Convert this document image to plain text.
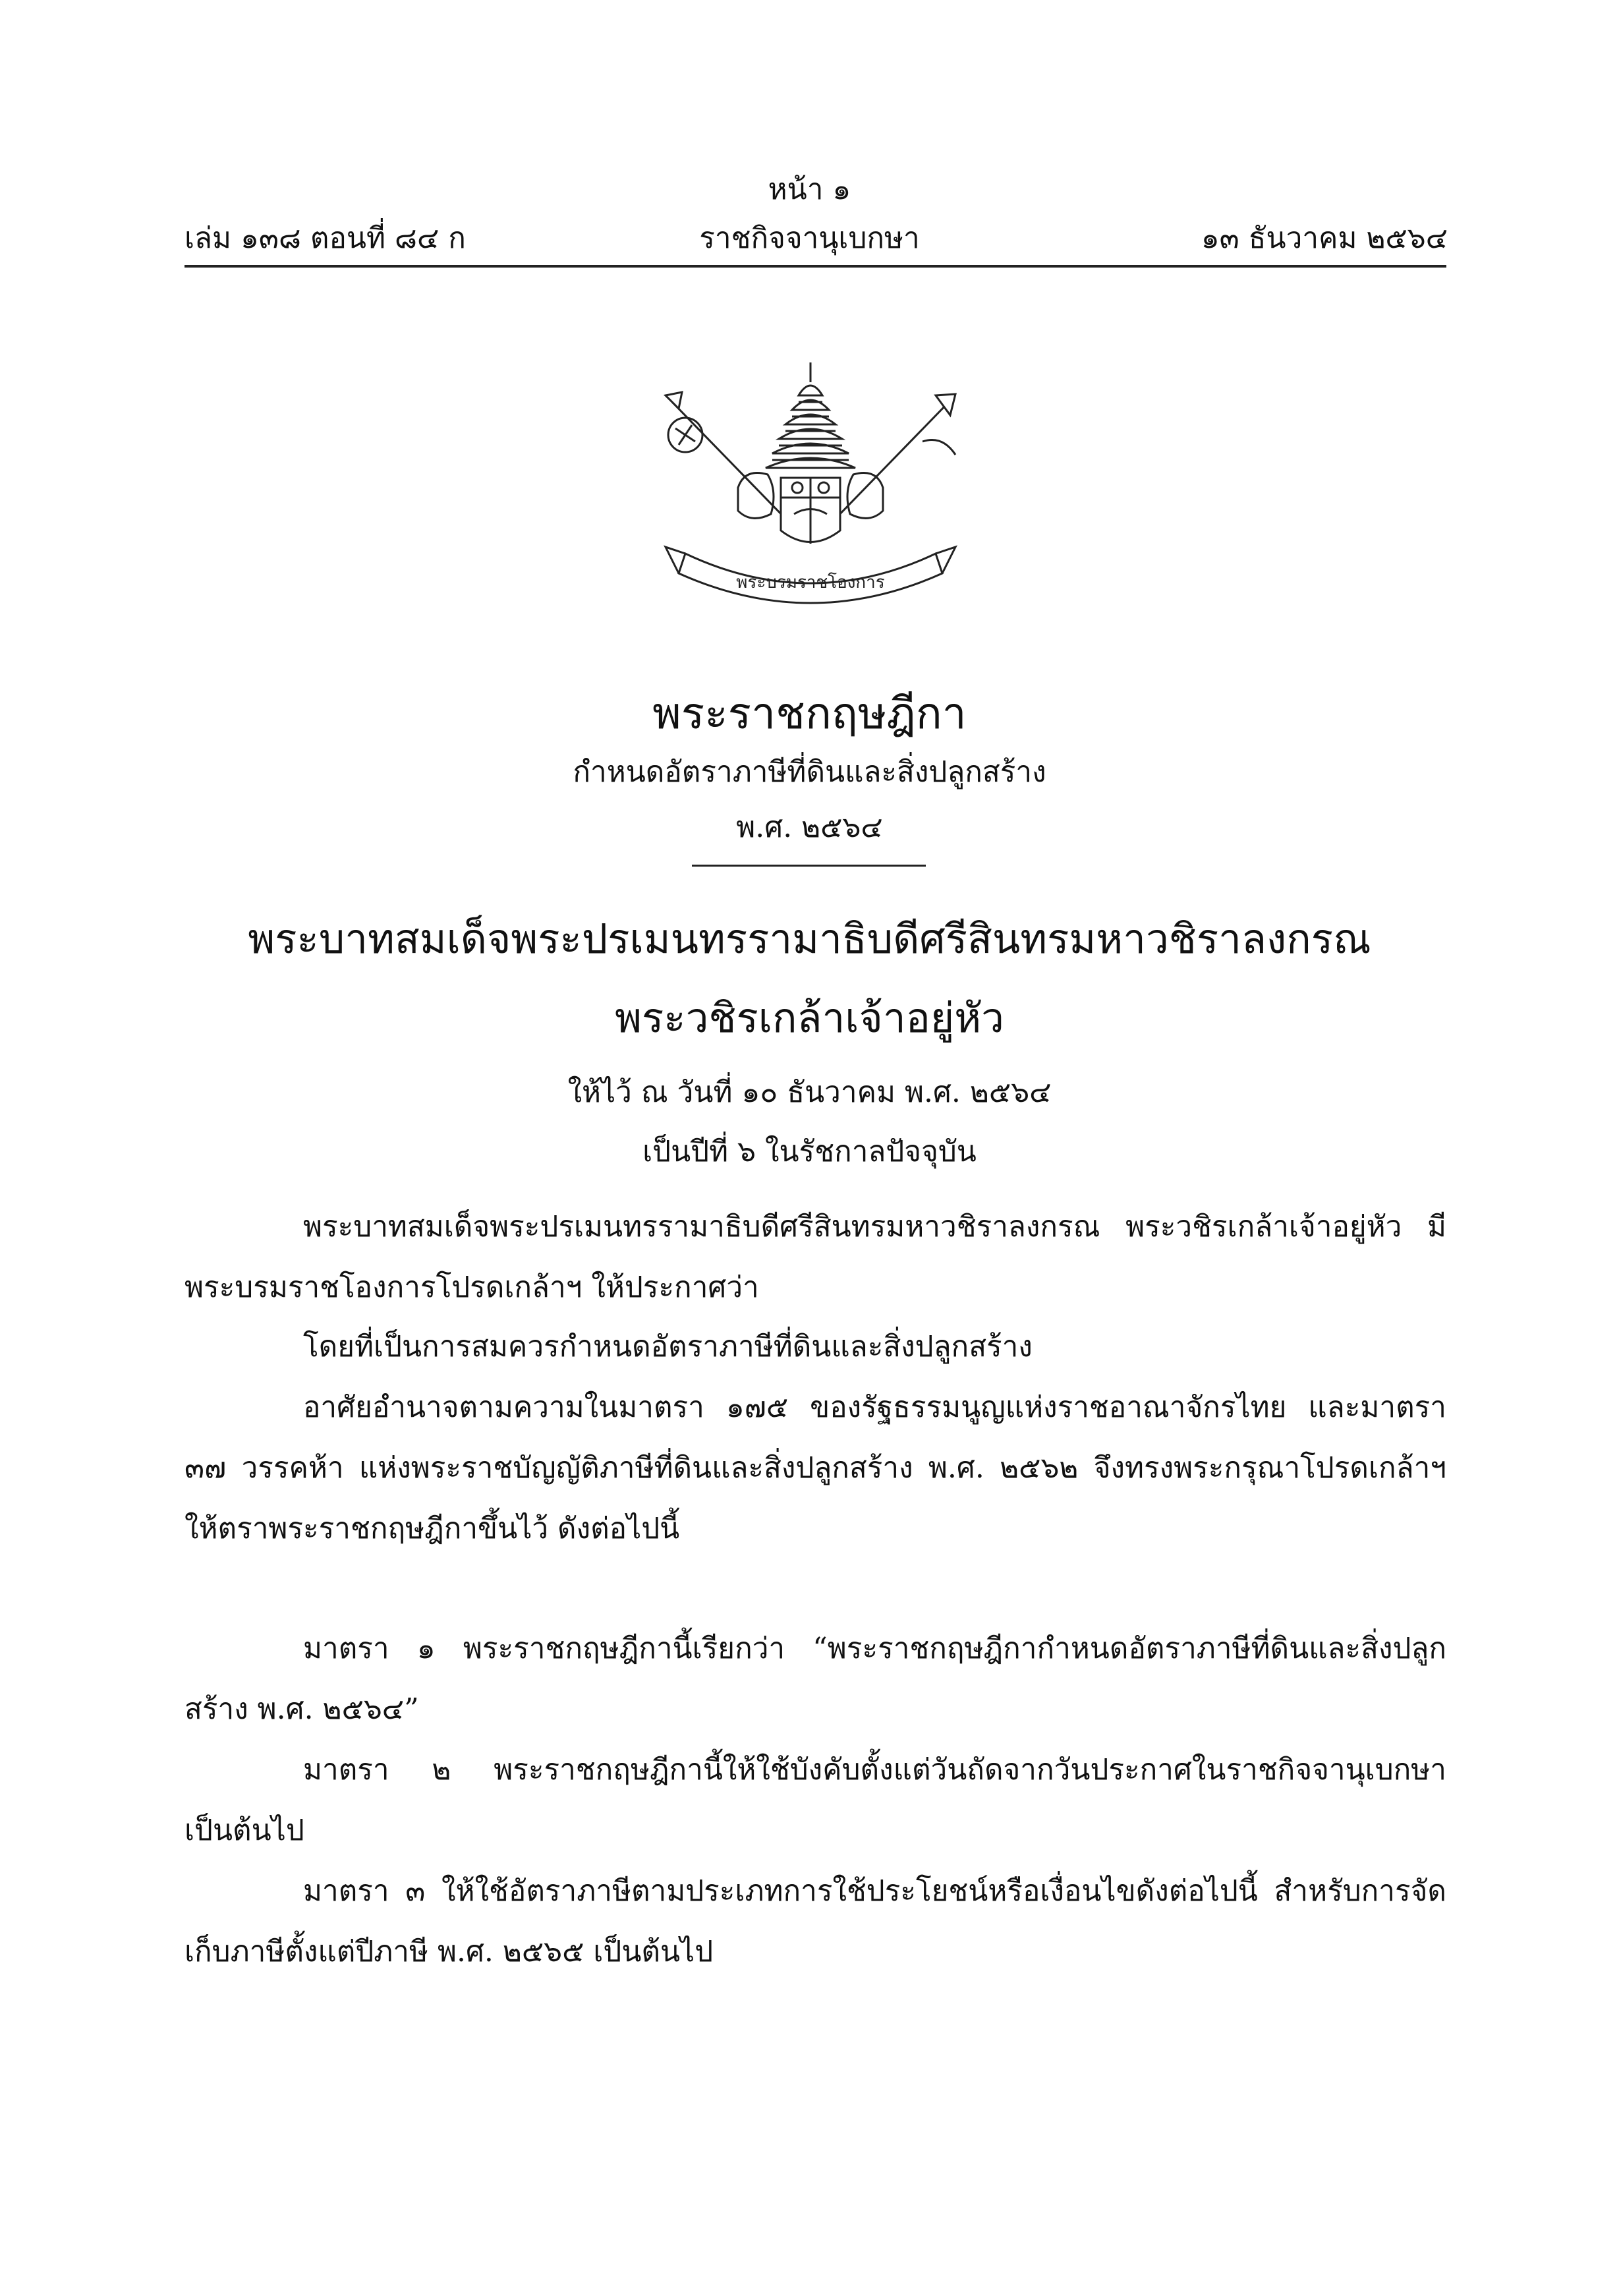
หน้า ๑
เล่ม ๑๓๘ ตอนที่ ๘๔ ก	ราชกิจจานุเบกษา	๑๓ ธันวาคม ๒๕๖๔
พระบรมราชโองการ
พระราชกฤษฎีกา
กำหนดอัตราภาษีที่ดินและสิ่งปลูกสร้าง
พ.ศ. ๒๕๖๔
พระบาทสมเด็จพระปรเมนทรรามาธิบดีศรีสินทรมหาวชิราลงกรณ
พระวชิรเกล้าเจ้าอยู่หัว
ให้ไว้ ณ วันที่ ๑๐ ธันวาคม พ.ศ. ๒๕๖๔
เป็นปีที่ ๖ ในรัชกาลปัจจุบัน
พระบาทสมเด็จพระปรเมนทรรามาธิบดีศรีสินทรมหาวชิราลงกรณ พระวชิรเกล้าเจ้าอยู่หัว มีพระบรมราชโองการโปรดเกล้าฯ ให้ประกาศว่า
โดยที่เป็นการสมควรกำหนดอัตราภาษีที่ดินและสิ่งปลูกสร้าง
อาศัยอำนาจตามความในมาตรา ๑๗๕ ของรัฐธรรมนูญแห่งราชอาณาจักรไทย และมาตรา ๓๗ วรรคห้า แห่งพระราชบัญญัติภาษีที่ดินและสิ่งปลูกสร้าง พ.ศ. ๒๕๖๒ จึงทรงพระกรุณาโปรดเกล้าฯ ให้ตราพระราชกฤษฎีกาขึ้นไว้ ดังต่อไปนี้
มาตรา ๑ พระราชกฤษฎีกานี้เรียกว่า “พระราชกฤษฎีกากำหนดอัตราภาษีที่ดินและสิ่งปลูกสร้าง พ.ศ. ๒๕๖๔”
มาตรา ๒ พระราชกฤษฎีกานี้ให้ใช้บังคับตั้งแต่วันถัดจากวันประกาศในราชกิจจานุเบกษาเป็นต้นไป
มาตรา ๓ ให้ใช้อัตราภาษีตามประเภทการใช้ประโยชน์หรือเงื่อนไขดังต่อไปนี้ สำหรับการจัดเก็บภาษีตั้งแต่ปีภาษี พ.ศ. ๒๕๖๕ เป็นต้นไป
